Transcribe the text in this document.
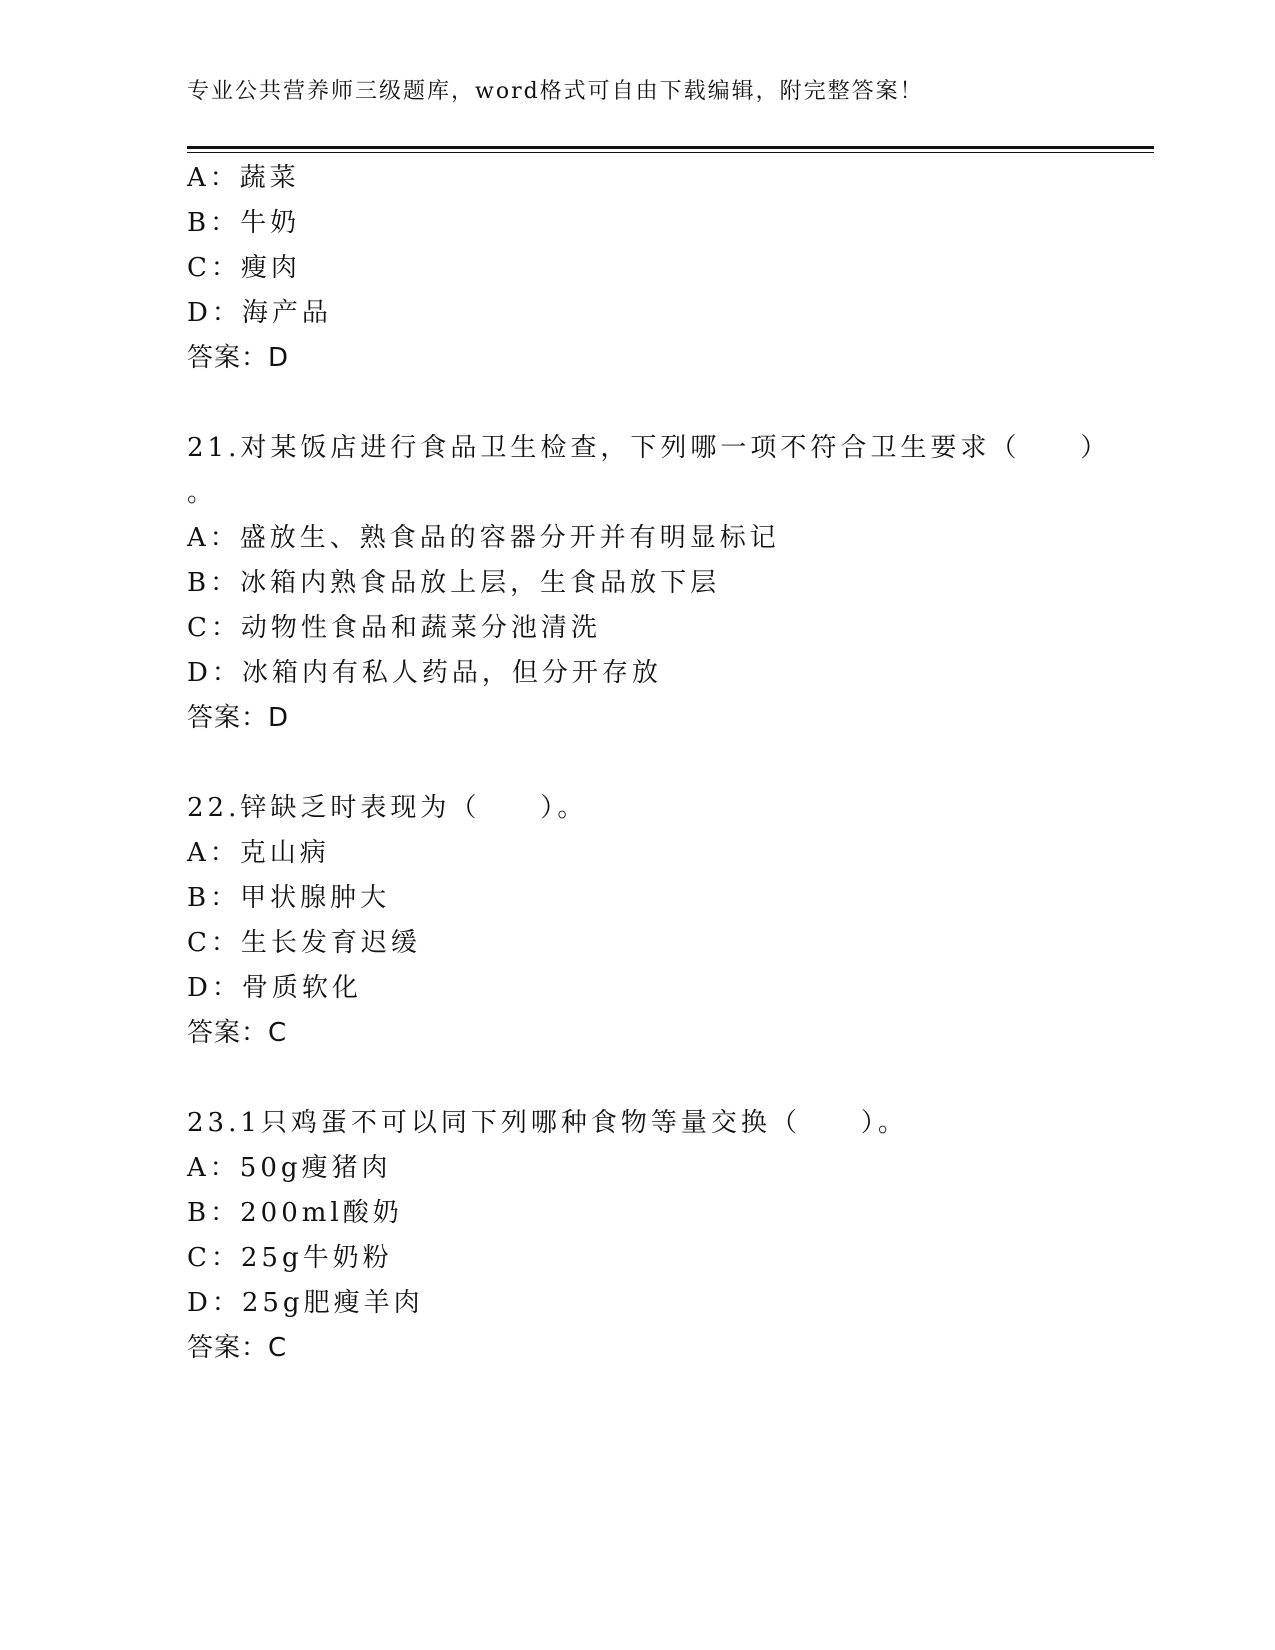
专业公共营养师三级题库，word格式可自由下载编辑，附完整答案！
A：蔬菜
B：牛奶
C：瘦肉
D：海产品
答案：D
21.对某饭店进行食品卫生检查，下列哪一项不符合卫生要求（　　）
。
A：盛放生、熟食品的容器分开并有明显标记
B：冰箱内熟食品放上层，生食品放下层
C：动物性食品和蔬菜分池清洗
D：冰箱内有私人药品，但分开存放
答案：D
22.锌缺乏时表现为（　　）。
A：克山病
B：甲状腺肿大
C：生长发育迟缓
D：骨质软化
答案：C
23.1只鸡蛋不可以同下列哪种食物等量交换（　　）。
A：50g瘦猪肉
B：200ml酸奶
C：25g牛奶粉
D：25g肥瘦羊肉
答案：C
